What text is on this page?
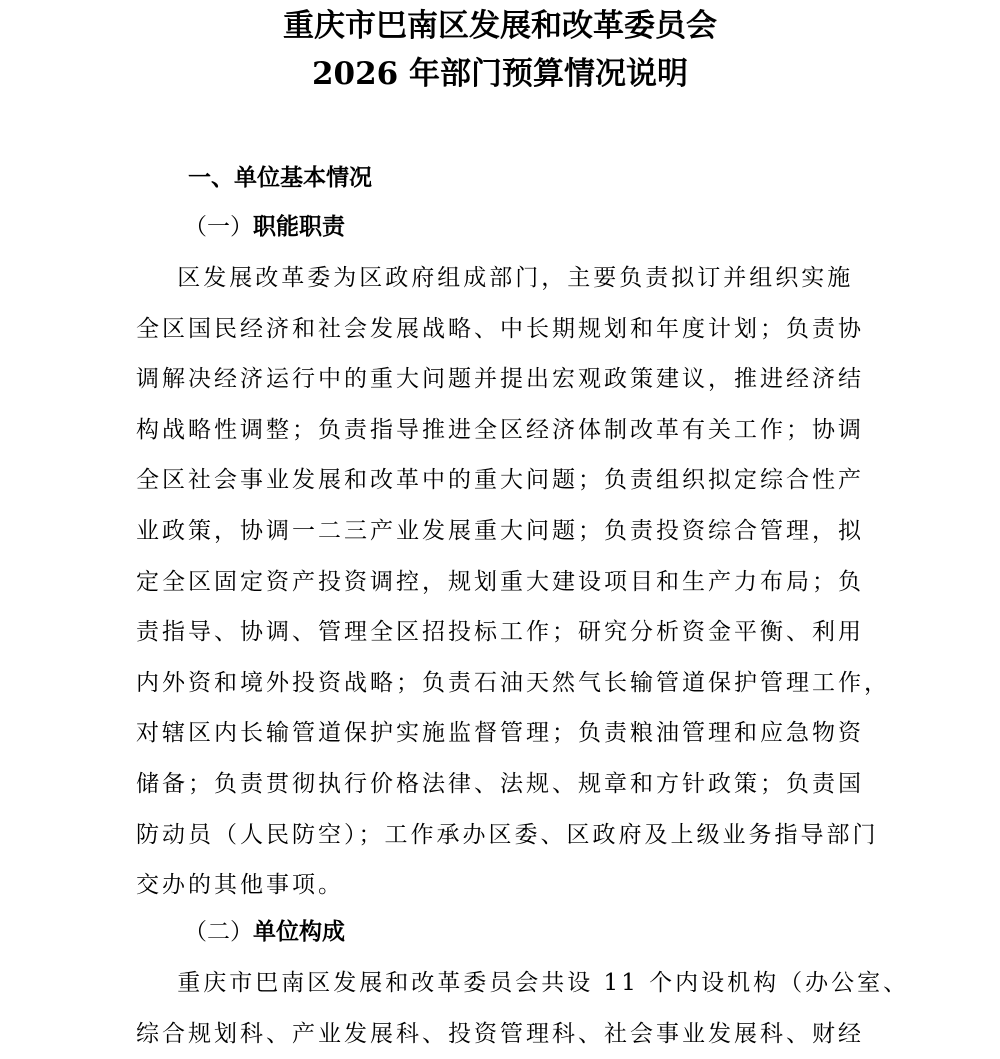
重庆市巴南区发展和改革委员会
2026 年部门预算情况说明
一、单位基本情况
（一）职能职责
区发展改革委为区政府组成部门，主要负责拟订并组织实施
全区国民经济和社会发展战略、中长期规划和年度计划；负责协
调解决经济运行中的重大问题并提出宏观政策建议，推进经济结
构战略性调整；负责指导推进全区经济体制改革有关工作；协调
全区社会事业发展和改革中的重大问题；负责组织拟定综合性产
业政策，协调一二三产业发展重大问题；负责投资综合管理，拟
定全区固定资产投资调控，规划重大建设项目和生产力布局；负
责指导、协调、管理全区招投标工作；研究分析资金平衡、利用
内外资和境外投资战略；负责石油天然气长输管道保护管理工作，
对辖区内长输管道保护实施监督管理；负责粮油管理和应急物资
储备；负责贯彻执行价格法律、法规、规章和方针政策；负责国
防动员（人民防空）；工作承办区委、区政府及上级业务指导部门
交办的其他事项。
（二）单位构成
重庆市巴南区发展和改革委员会共设 11 个内设机构（办公室、
综合规划科、产业发展科、投资管理科、社会事业发展科、财经
